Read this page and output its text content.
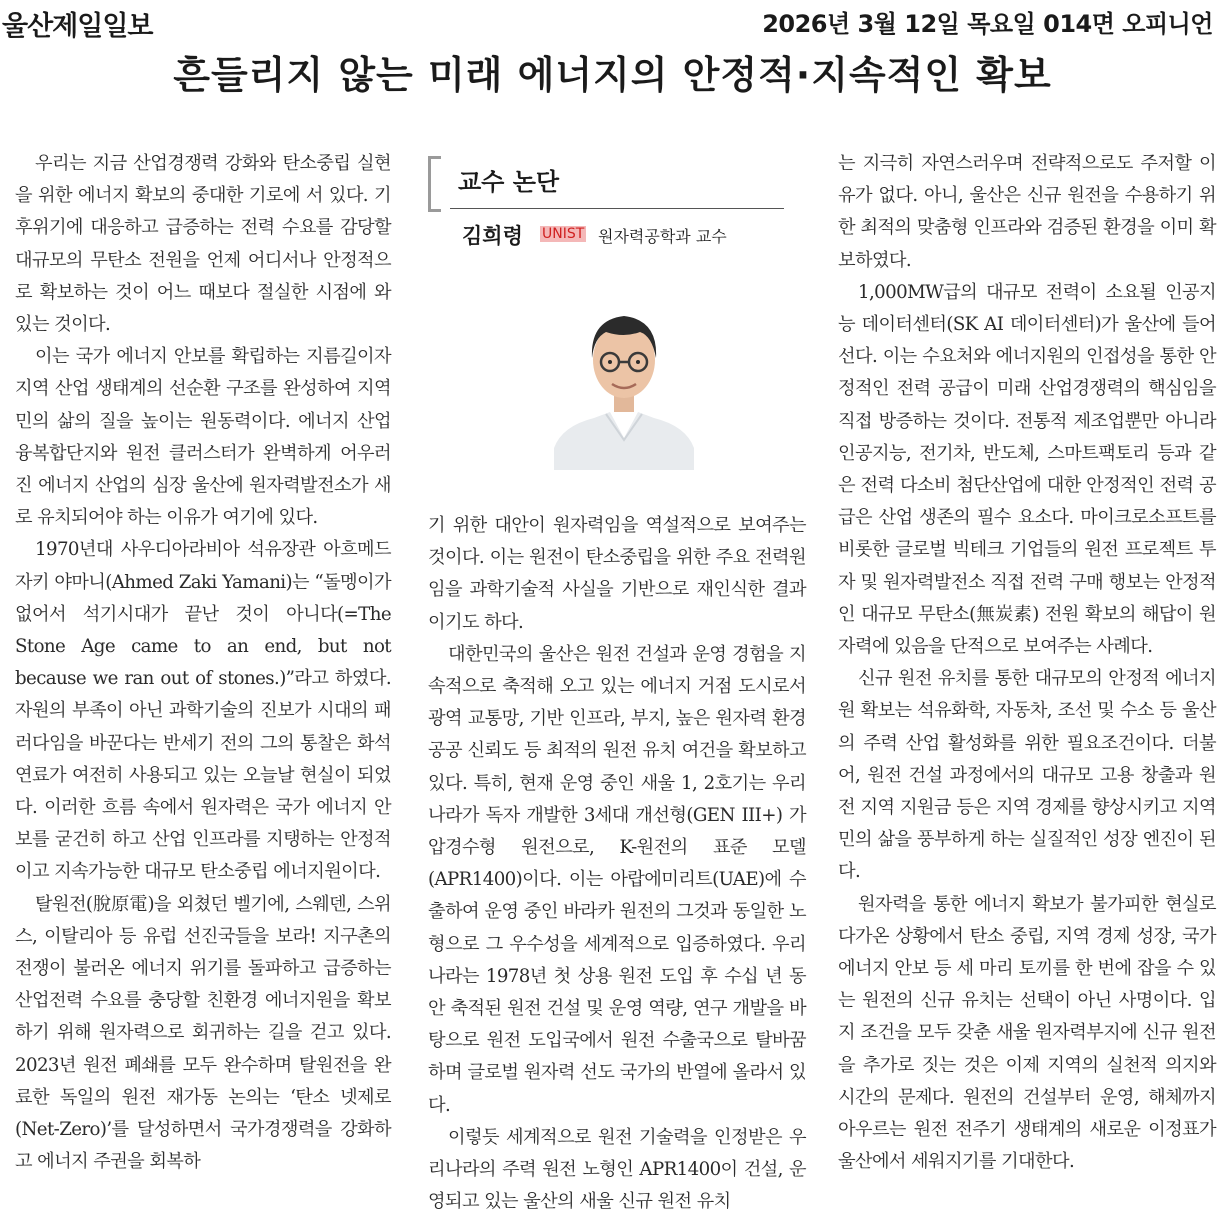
울산제일일보	2026년 3월 12일 목요일 014면 오피니언
흔들리지 않는 미래 에너지의 안정적·지속적인 확보

우리는 지금 산업경쟁력 강화와 탄소중립 실현을 위한 에너지 확보의 중대한 기로에 서 있다. 기후위기에 대응하고 급증하는 전력 수요를 감당할 대규모의 무탄소 전원을 언제 어디서나 안정적으로 확보하는 것이 어느 때보다 절실한 시점에 와 있는 것이다.

이는 국가 에너지 안보를 확립하는 지름길이자 지역 산업 생태계의 선순환 구조를 완성하여 지역민의 삶의 질을 높이는 원동력이다. 에너지 산업 융복합단지와 원전 클러스터가 완벽하게 어우러진 에너지 산업의 심장 울산에 원자력발전소가 새로 유치되어야 하는 이유가 여기에 있다.

1970년대 사우디아라비아 석유장관 아흐메드 자키 야마니(Ahmed Zaki Yamani)는 “돌멩이가 없어서 석기시대가 끝난 것이 아니다(=The Stone Age came to an end, but not because we ran out of stones.)”라고 하였다. 자원의 부족이 아닌 과학기술의 진보가 시대의 패러다임을 바꾼다는 반세기 전의 그의 통찰은 화석연료가 여전히 사용되고 있는 오늘날 현실이 되었다. 이러한 흐름 속에서 원자력은 국가 에너지 안보를 굳건히 하고 산업 인프라를 지탱하는 안정적이고 지속가능한 대규모 탄소중립 에너지원이다.

탈원전(脫原電)을 외쳤던 벨기에, 스웨덴, 스위스, 이탈리아 등 유럽 선진국들을 보라! 지구촌의 전쟁이 불러온 에너지 위기를 돌파하고 급증하는 산업전력 수요를 충당할 친환경 에너지원을 확보하기 위해 원자력으로 회귀하는 길을 걷고 있다. 2023년 원전 폐쇄를 모두 완수하며 탈원전을 완료한 독일의 원전 재가동 논의는 ‘탄소 넷제로(Net-Zero)’를 달성하면서 국가경쟁력을 강화하고 에너지 주권을 회복하

교수 논단
김희령 UNIST 원자력공학과 교수

기 위한 대안이 원자력임을 역설적으로 보여주는 것이다. 이는 원전이 탄소중립을 위한 주요 전력원임을 과학기술적 사실을 기반으로 재인식한 결과이기도 하다.

대한민국의 울산은 원전 건설과 운영 경험을 지속적으로 축적해 오고 있는 에너지 거점 도시로서 광역 교통망, 기반 인프라, 부지, 높은 원자력 환경 공공 신뢰도 등 최적의 원전 유치 여건을 확보하고 있다. 특히, 현재 운영 중인 새울 1, 2호기는 우리나라가 독자 개발한 3세대 개선형(GEN III+) 가압경수형 원전으로, K-원전의 표준 모델(APR1400)이다. 이는 아랍에미리트(UAE)에 수출하여 운영 중인 바라카 원전의 그것과 동일한 노형으로 그 우수성을 세계적으로 입증하였다. 우리나라는 1978년 첫 상용 원전 도입 후 수십 년 동안 축적된 원전 건설 및 운영 역량, 연구 개발을 바탕으로 원전 도입국에서 원전 수출국으로 탈바꿈하며 글로벌 원자력 선도 국가의 반열에 올라서 있다.

이렇듯 세계적으로 원전 기술력을 인정받은 우리나라의 주력 원전 노형인 APR1400이 건설, 운영되고 있는 울산의 새울 신규 원전 유치

는 지극히 자연스러우며 전략적으로도 주저할 이유가 없다. 아니, 울산은 신규 원전을 수용하기 위한 최적의 맞춤형 인프라와 검증된 환경을 이미 확보하였다.

1,000MW급의 대규모 전력이 소요될 인공지능 데이터센터(SK AI 데이터센터)가 울산에 들어선다. 이는 수요처와 에너지원의 인접성을 통한 안정적인 전력 공급이 미래 산업경쟁력의 핵심임을 직접 방증하는 것이다. 전통적 제조업뿐만 아니라 인공지능, 전기차, 반도체, 스마트팩토리 등과 같은 전력 다소비 첨단산업에 대한 안정적인 전력 공급은 산업 생존의 필수 요소다. 마이크로소프트를 비롯한 글로벌 빅테크 기업들의 원전 프로젝트 투자 및 원자력발전소 직접 전력 구매 행보는 안정적인 대규모 무탄소(無炭素) 전원 확보의 해답이 원자력에 있음을 단적으로 보여주는 사례다.

신규 원전 유치를 통한 대규모의 안정적 에너지원 확보는 석유화학, 자동차, 조선 및 수소 등 울산의 주력 산업 활성화를 위한 필요조건이다. 더불어, 원전 건설 과정에서의 대규모 고용 창출과 원전 지역 지원금 등은 지역 경제를 향상시키고 지역민의 삶을 풍부하게 하는 실질적인 성장 엔진이 된다.

원자력을 통한 에너지 확보가 불가피한 현실로 다가온 상황에서 탄소 중립, 지역 경제 성장, 국가 에너지 안보 등 세 마리 토끼를 한 번에 잡을 수 있는 원전의 신규 유치는 선택이 아닌 사명이다. 입지 조건을 모두 갖춘 새울 원자력부지에 신규 원전을 추가로 짓는 것은 이제 지역의 실천적 의지와 시간의 문제다. 원전의 건설부터 운영, 해체까지 아우르는 원전 전주기 생태계의 새로운 이정표가 울산에서 세워지기를 기대한다.
